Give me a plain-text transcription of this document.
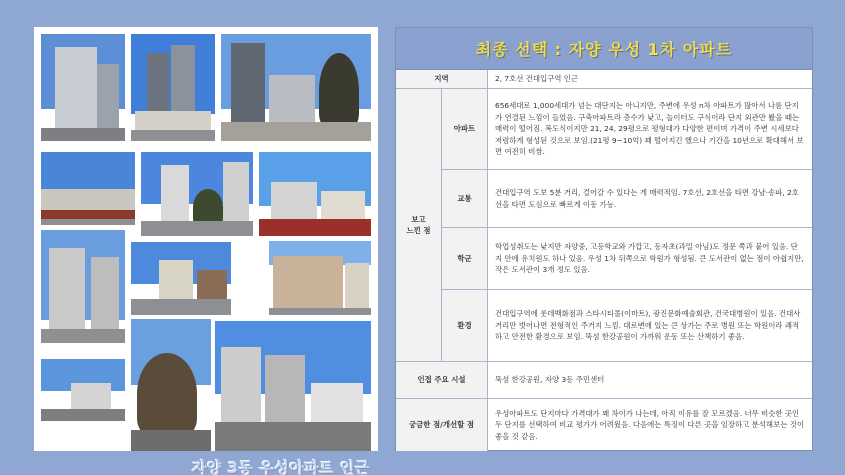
자양 3동 우성아파트 인근
최종 선택 : 자양 우성 1차 아파트
지역	2, 7호선 건대입구역 인근
보고
느낀 점
아파트
656세대로 1,000세대가 넘는 대단지는 아니지만, 주변에 우성 n차 아파트가 많아서 나름 단지가 연결된 느낌이 들었음. 구축아파트라 층수가 낮고, 놀이터도 구식이라 단지 외관만 봤을 때는 매력이 떨어짐. 복도식이지만 21, 24, 29평으로 평형대가 다양한 편이며 가격이 주변 시세보다 저렴하게 형성된 것으로 보임.(21평 9~10억) 꽤 떨어지긴 했으나 기간을 10년으로 확대해서 보면 여전히 비쌈.
교통
건대입구역 도보 5분 거리, 걸어갈 수 있다는 게 매력적임. 7호선, 2호선을 타면 강남·송파, 2호선을 타면 도심으로 빠르게 이동 가능.
학군
학업성취도는 낮지만 자양중, 고등학교와 가깝고, 동자초(과밀 아님)도 정문 쪽과 붙어 있음. 단지 안에 유치원도 하나 있음. 우성 1차 뒤쪽으로 학원가 형성됨. 큰 도서관이 없는 점이 아쉽지만, 작은 도서관이 3개 정도 있음.
환경
건대입구역에 롯데백화점과 스타시티몰(이마트), 광진문화예술회관, 건국대병원이 있음. 건대사거리만 벗어나면 전형적인 주거지 느낌. 대로변에 있는 큰 상가는 주로 병원 또는 학원이라 쾌적하고 안전한 환경으로 보임. 뚝섬 한강공원이 가까워 운동 또는 산책하기 좋음.
인접 주요 시설	뚝섬 한강공원, 자양 3동 주민센터
궁금한 점/개선할 점
우성아파트도 단지마다 가격대가 꽤 차이가 나는데, 아직 이유를 잘 모르겠음. 너무 비슷한 곳인 두 단지를 선택하여 비교 평가가 어려웠음. 다음에는 특징이 다른 곳을 임장하고 분석해보는 것이 좋을 것 같음.
